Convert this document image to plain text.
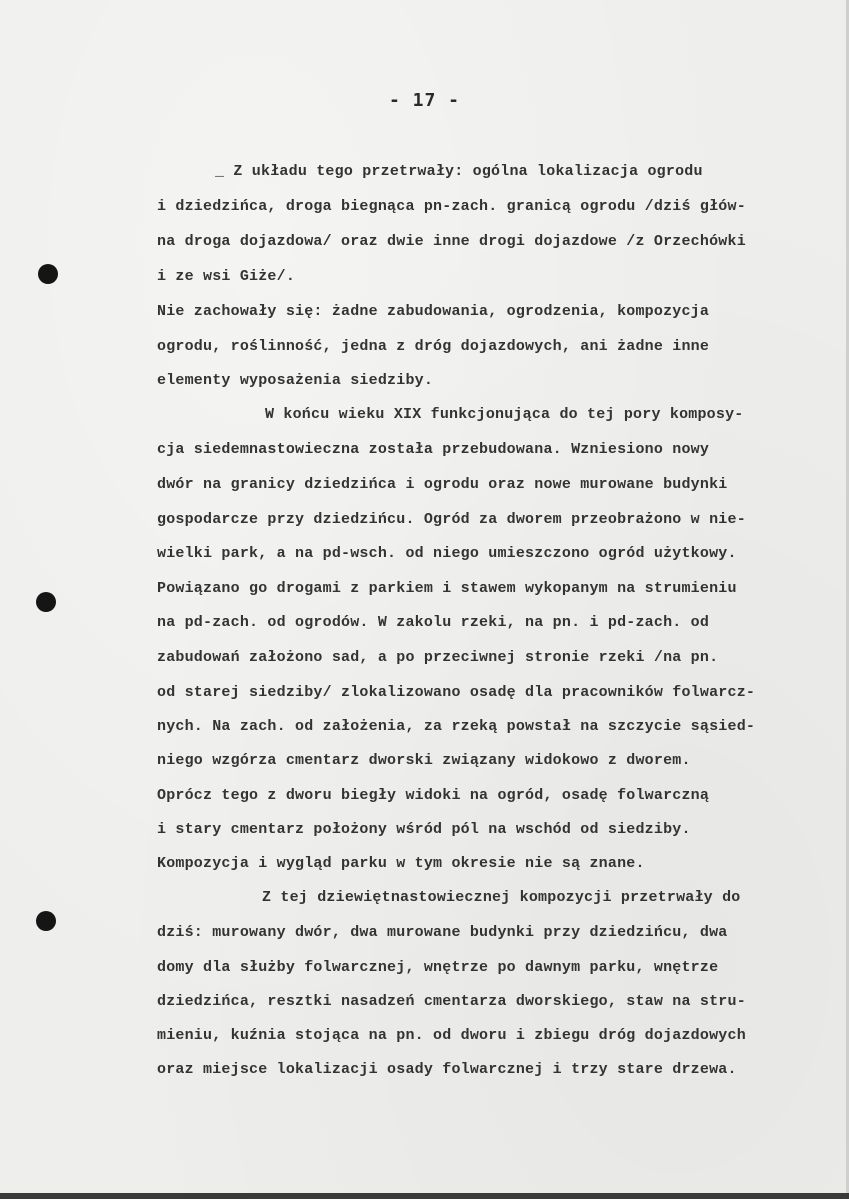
- 17 -
_ Z układu tego przetrwały: ogólna lokalizacja ogrodu
i dziedzińca, droga biegnąca pn-zach. granicą ogrodu /dziś głów-
na droga dojazdowa/ oraz dwie inne drogi dojazdowe /z Orzechówki
i ze wsi Giże/.
Nie zachowały się: żadne zabudowania, ogrodzenia, kompozycja
ogrodu, roślinność, jedna z dróg dojazdowych, ani żadne inne
elementy wyposażenia siedziby.
W końcu wieku XIX funkcjonująca do tej pory komposy-
cja siedemnastowieczna została przebudowana. Wzniesiono nowy
dwór na granicy dziedzińca i ogrodu oraz nowe murowane budynki
gospodarcze przy dziedzińcu. Ogród za dworem przeobrażono w nie-
wielki park, a na pd-wsch. od niego umieszczono ogród użytkowy.
Powiązano go drogami z parkiem i stawem wykopanym na strumieniu
na pd-zach. od ogrodów. W zakolu rzeki, na pn. i pd-zach. od
zabudowań założono sad, a po przeciwnej stronie rzeki /na pn.
od starej siedziby/ zlokalizowano osadę dla pracowników folwarcz-
nych. Na zach. od założenia, za rzeką powstał na szczycie sąsied-
niego wzgórza cmentarz dworski związany widokowo z dworem.
Oprócz tego z dworu biegły widoki na ogród, osadę folwarczną
i stary cmentarz położony wśród pól na wschód od siedziby.
Kompozycja i wygląd parku w tym okresie nie są znane.
Z tej dziewiętnastowiecznej kompozycji przetrwały do
dziś: murowany dwór, dwa murowane budynki przy dziedzińcu, dwa
domy dla służby folwarcznej, wnętrze po dawnym parku, wnętrze
dziedzińca, resztki nasadzeń cmentarza dworskiego, staw na stru-
mieniu, kuźnia stojąca na pn. od dworu i zbiegu dróg dojazdowych
oraz miejsce lokalizacji osady folwarcznej i trzy stare drzewa.
